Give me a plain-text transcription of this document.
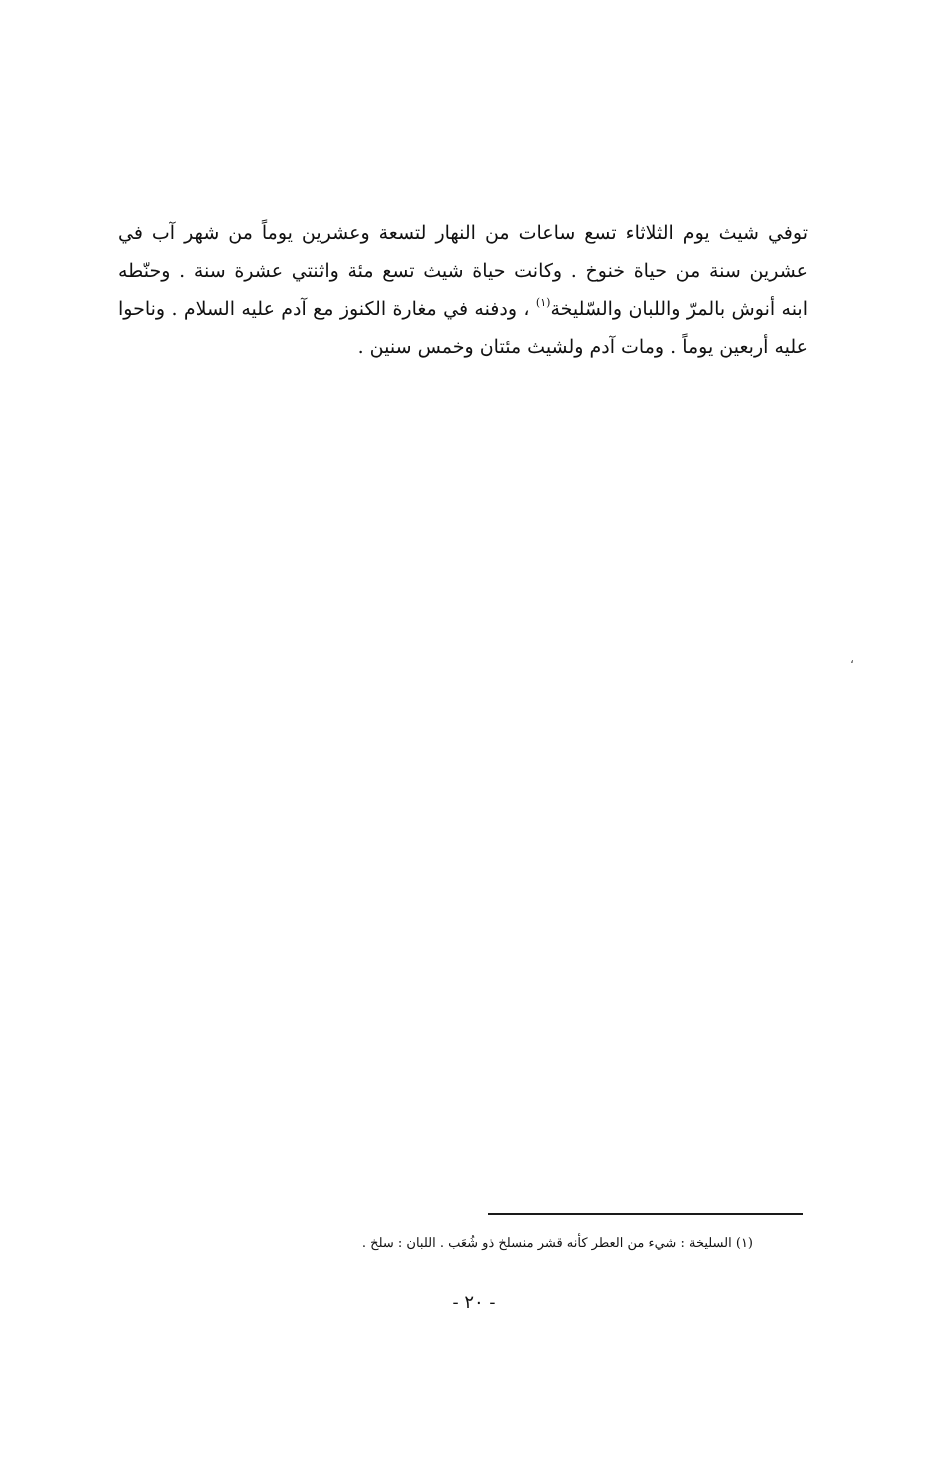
توفي شيث يوم الثلاثاء تسع ساعات من النهار لتسعة وعشرين يوماً من شهر آب في
عشرين سنة من حياة خنوخ . وكانت حياة شيث تسع مئة واثنتي عشرة سنة . وحنّطه
ابنه أنوش بالمرّ واللبان والسّليخة$^{(١)}$ ، ودفنه في مغارة الكنوز مع آدم عليه السلام . وناحوا
عليه أربعين يوماً . ومات آدم ولشيث مئتان وخمس سنين .
،
(١) السليخة : شيء من العطر كأنه قشر منسلخ ذو شُعَب . اللبان : سلخ .
- ٢٠ -
